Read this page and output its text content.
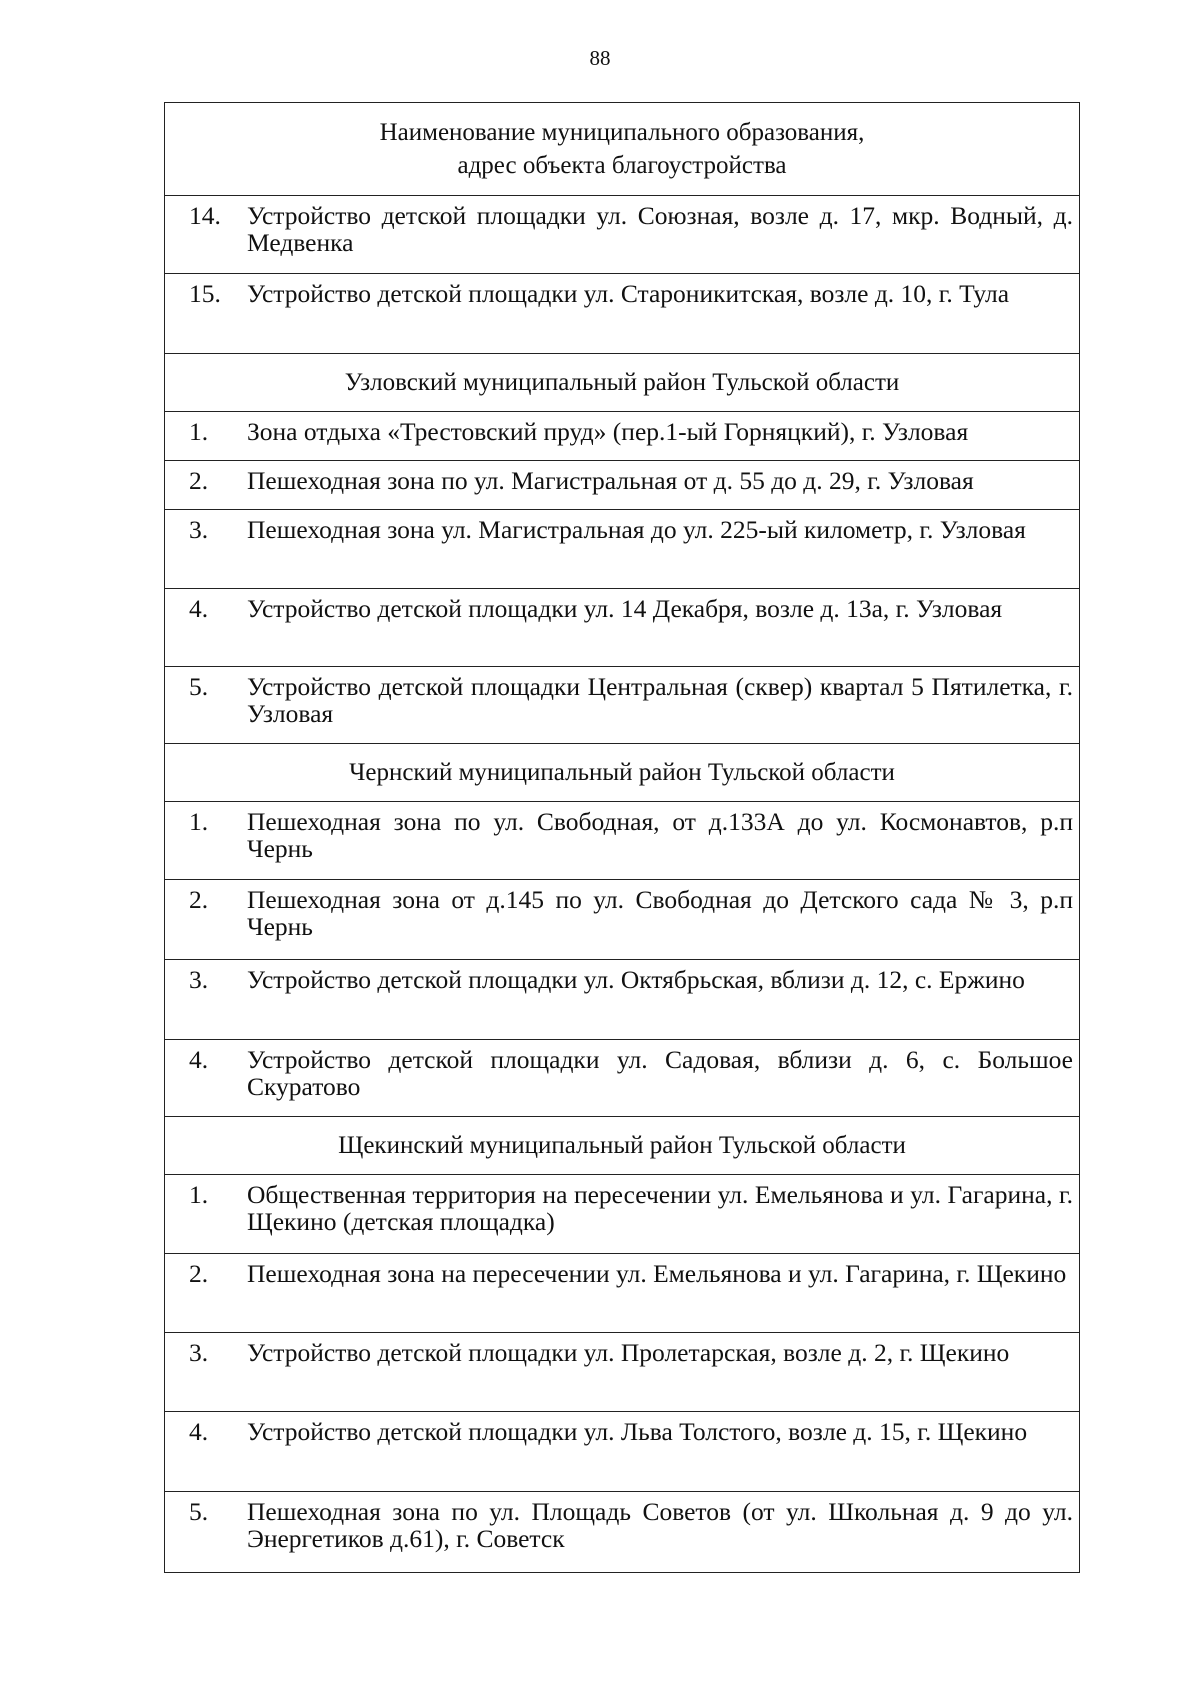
88
Наименование муниципального образования,
адрес объекта благоустройства
14.	Устройство детской площадки ул. Союзная, возле д. 17, мкр. Водный, д. Медвенка
15.	Устройство детской площадки ул. Староникитская, возле д. 10, г. Тула
Узловский муниципальный район Тульской области
1.	Зона отдыха «Трестовский пруд» (пер.1-ый Горняцкий), г. Узловая
2.	Пешеходная зона по ул. Магистральная от д. 55 до д. 29, г. Узловая
3.	Пешеходная зона ул. Магистральная до ул. 225-ый километр, г. Узловая
4.	Устройство детской площадки ул. 14 Декабря, возле д. 13а, г. Узловая
5.	Устройство детской площадки Центральная (сквер) квартал 5 Пятилетка, г. Узловая
Чернский муниципальный район Тульской области
1.	Пешеходная зона по ул. Свободная, от д.133А до ул. Космонавтов, р.п Чернь
2.	Пешеходная зона от д.145 по ул. Свободная до Детского сада № 3, р.п Чернь
3.	Устройство детской площадки ул. Октябрьская, вблизи д. 12, с. Ержино
4.	Устройство детской площадки ул. Садовая, вблизи д. 6, с. Большое Скуратово
Щекинский муниципальный район Тульской области
1.	Общественная территория на пересечении ул. Емельянова и ул. Гагарина, г. Щекино (детская площадка)
2.	Пешеходная зона на пересечении ул. Емельянова и ул. Гагарина, г. Щекино
3.	Устройство детской площадки ул. Пролетарская, возле д. 2, г. Щекино
4.	Устройство детской площадки ул. Льва Толстого, возле д. 15, г. Щекино
5.	Пешеходная зона по ул. Площадь Советов (от ул. Школьная д. 9 до ул. Энергетиков д.61), г. Советск
